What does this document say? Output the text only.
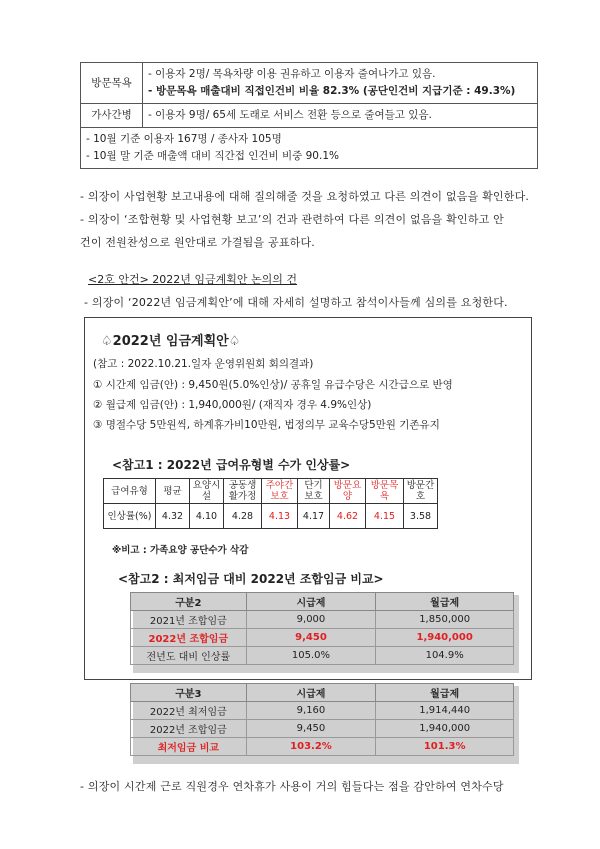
방문목욕	- 이용자 2명/ 목욕차량 이용 권유하고 이용자 줄여나가고 있음.
- 방문목욕 매출대비 직접인건비 비율 82.3% (공단인건비 지급기준 : 49.3%)

가사간병	- 이용자 9명/ 65세 도래로 서비스 전환 등으로 줄여들고 있음.

- 10월 기준 이용자 167명 / 종사자 105명
- 10월 말 기준 매출액 대비 직간접 인건비 비중 90.1%	
- 의장이 사업현황 보고내용에 대해 질의해줄 것을 요청하였고 다른 의견이 없음을 확인한다.
- 의장이 ‘조합현황 및 사업현황 보고’의 건과 관련하여 다른 의견이 없음을 확인하고 안
건이 전원찬성으로 원안대로 가결됨을 공표하다.
<2호 안건> 2022년 임금계획안 논의의 건
- 의장이 ‘2022년 임금계획안’에 대해 자세히 설명하고 참석이사들께 심의를 요청한다.
♤2022년 임금계획안♤
(참고 : 2022.10.21.일자 운영위원회 회의결과)
① 시간제 임금(안) : 9,450원(5.0%인상)/ 공휴일 유급수당은 시간급으로 반영
② 월급제 임금(안) : 1,940,000원/ (재직자 경우 4.9%인상)
③ 명절수당 5만원씩, 하계휴가비10만원, 법정의무 교육수당5만원 기존유지
<참고1 : 2022년 급여유형별 수가 인상률>
급여유형	평균	요양시설	공동생활가정	주야간보호	단기보호	방문요양	방문목욕	방문간호
인상률(%)	4.32	4.10	4.28	4.13	4.17	4.62	4.15	3.58
※비고 : 가족요양 공단수가 삭감
<참고2 : 최저임금 대비 2022년 조합임금 비교>
구분2	시급제	월급제
2021년 조합임금	9,000	1,850,000
2022년 조합임금	9,450	1,940,000
전년도 대비 인상률	105.0%	104.9%
구분3	시급제	월급제
2022년 최저임금	9,160	1,914,440
2022년 조합임금	9,450	1,940,000
최저임금 비교	103.2%	101.3%
- 의장이 시간제 근로 직원경우 연차휴가 사용이 거의 힘들다는 점을 감안하여 연차수당
